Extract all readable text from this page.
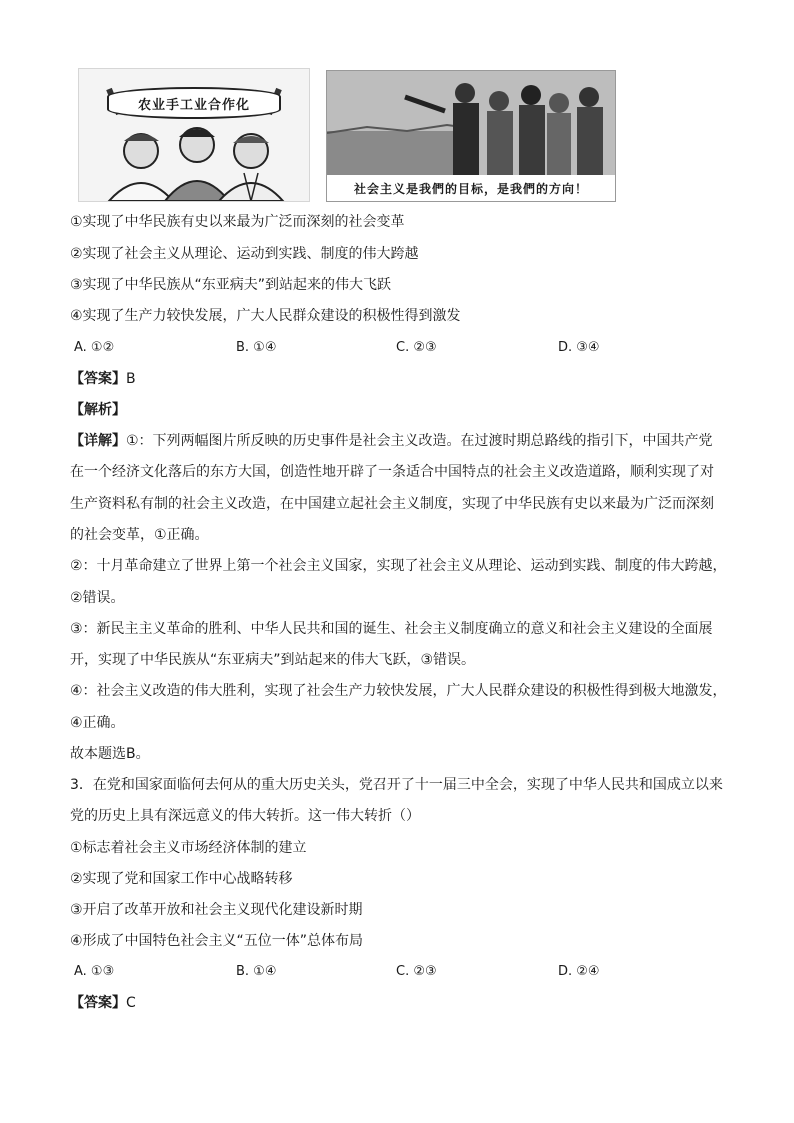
农业手工业合作化
社会主义是我們的目标，是我們的方向！
①实现了中华民族有史以来最为广泛而深刻的社会变革
②实现了社会主义从理论、运动到实践、制度的伟大跨越
③实现了中华民族从“东亚病夫”到站起来的伟大飞跃
④实现了生产力较快发展，广大人民群众建设的积极性得到激发
A. ①②	B. ①④	C. ②③	D. ③④
【答案】B
【解析】
【详解】①：下列两幅图片所反映的历史事件是社会主义改造。在过渡时期总路线的指引下，中国共产党
在一个经济文化落后的东方大国，创造性地开辟了一条适合中国特点的社会主义改造道路，顺利实现了对
生产资料私有制的社会主义改造，在中国建立起社会主义制度，实现了中华民族有史以来最为广泛而深刻
的社会变革，①正确。
②：十月革命建立了世界上第一个社会主义国家，实现了社会主义从理论、运动到实践、制度的伟大跨越，
②错误。
③：新民主主义革命的胜利、中华人民共和国的诞生、社会主义制度确立的意义和社会主义建设的全面展
开，实现了中华民族从“东亚病夫”到站起来的伟大飞跃，③错误。
④：社会主义改造的伟大胜利，实现了社会生产力较快发展，广大人民群众建设的积极性得到极大地激发，
④正确。
故本题选B。
3．在党和国家面临何去何从的重大历史关头，党召开了十一届三中全会，实现了中华人民共和国成立以来
党的历史上具有深远意义的伟大转折。这一伟大转折（）
①标志着社会主义市场经济体制的建立
②实现了党和国家工作中心战略转移
③开启了改革开放和社会主义现代化建设新时期
④形成了中国特色社会主义“五位一体”总体布局
A. ①③	B. ①④	C. ②③	D. ②④
【答案】C
